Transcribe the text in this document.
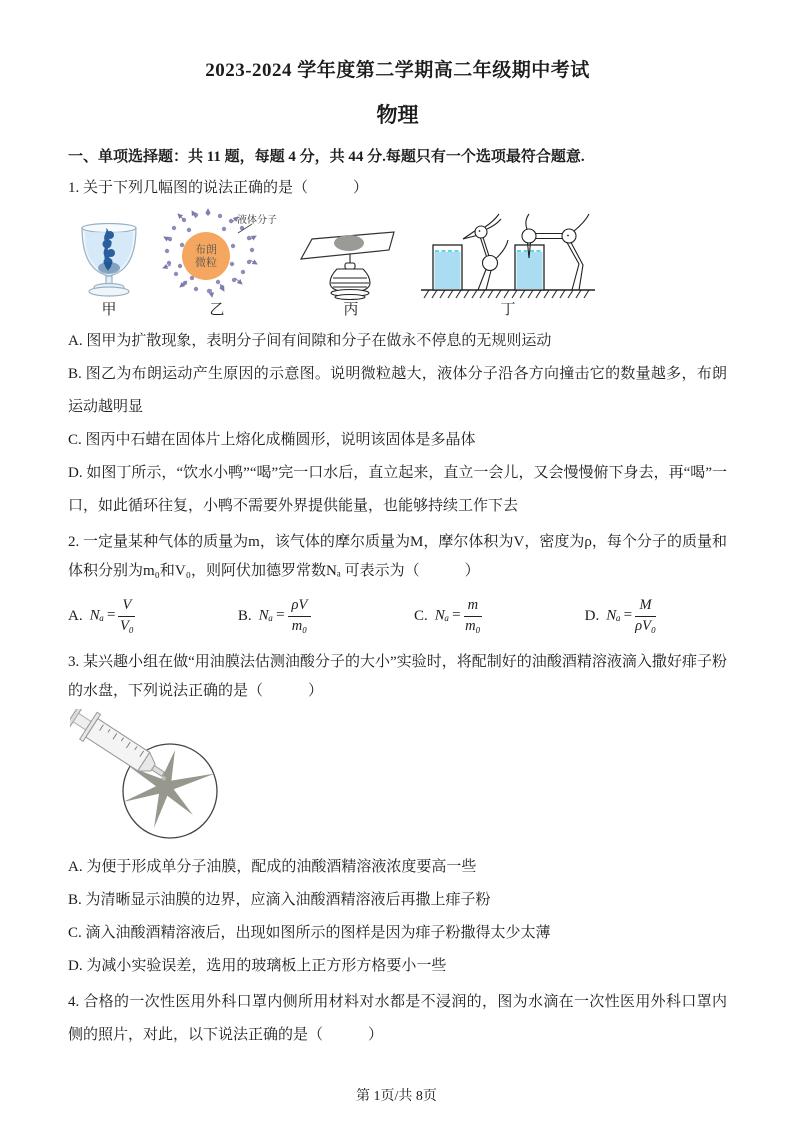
2023-2024 学年度第二学期高二年级期中考试
物理
一、单项选择题：共 11 题，每题 4 分，共 44 分.每题只有一个选项最符合题意.
1. 关于下列几幅图的说法正确的是（　　　）
甲
布朗
微粒
液体分子
乙	丙	丁

A. 图甲为扩散现象，表明分子间有间隙和分子在做永不停息的无规则运动

B. 图乙为布朗运动产生原因的示意图。说明微粒越大，液体分子沿各方向撞击它的数量越多，布朗运动越明显

C. 图丙中石蜡在固体片上熔化成椭圆形，说明该固体是多晶体

D. 如图丁所示，“饮水小鸭”“喝”完一口水后，直立起来，直立一会儿，又会慢慢俯下身去，再“喝”一口，如此循环往复，小鸭不需要外界提供能量，也能够持续工作下去

2. 一定量某种气体的质量为m，该气体的摩尔质量为M，摩尔体积为V，密度为ρ，每个分子的质量和体积分别为m₀和V₀，则阿伏加德罗常数Nₐ 可表示为（　　　）
A. $N_a = \frac{V}{\text{V₀}}$	B. $N_a = \frac{\rho V}{\text{m₀}}$	C. $N_a = \frac{m}{\text{m₀}}$	D. $N_a = \frac{M}{\text{ρV₀}}$
3. 某兴趣小组在做“用油膜法估测油酸分子的大小”实验时，将配制好的油酸酒精溶液滴入撒好痱子粉的水盘，下列说法正确的是（　　　）

A. 为便于形成单分子油膜，配成的油酸酒精溶液浓度要高一些

B. 为清晰显示油膜的边界，应滴入油酸酒精溶液后再撒上痱子粉

C. 滴入油酸酒精溶液后，出现如图所示的图样是因为痱子粉撒得太少太薄

D. 为减小实验误差，选用的玻璃板上正方形方格要小一些

4. 合格的一次性医用外科口罩内侧所用材料对水都是不浸润的，图为水滴在一次性医用外科口罩内侧的照片，对此，以下说法正确的是（　　　）
第 1页/共 8页
